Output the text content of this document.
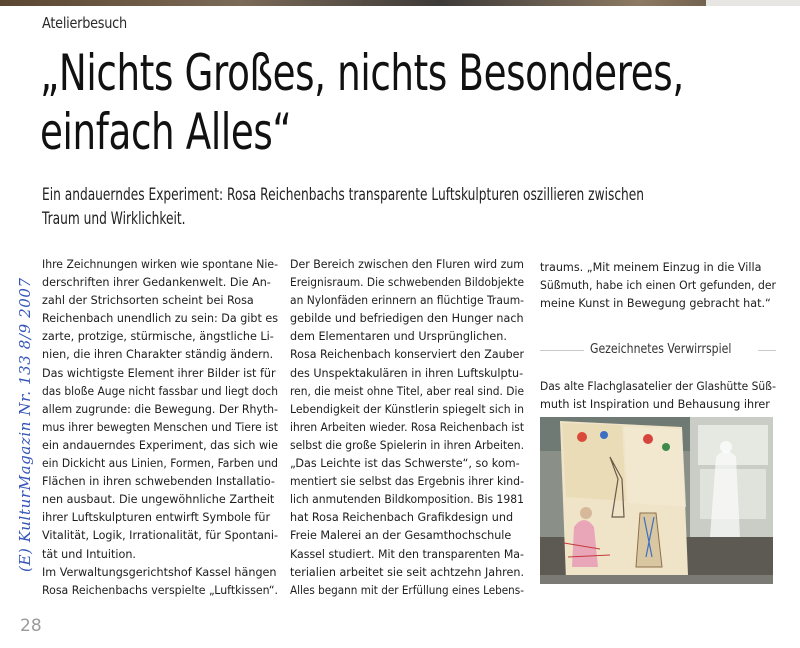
Atelierbesuch
„Nichts Großes, nichts Besonderes,
einfach Alles“

Ein andauerndes Experiment: Rosa Reichenbachs transparente Luftskulpturen oszillieren zwischen
Traum und Wirklichkeit.

(E) KulturMagazin Nr. 133 8/9 2007
Ihre Zeichnungen wirken wie spontane Nie-
derschriften ihrer Gedankenwelt. Die An-
zahl der Strichsorten scheint bei Rosa
Reichenbach unendlich zu sein: Da gibt es
zarte, protzige, stürmische, ängstliche Li-
nien, die ihren Charakter ständig ändern.
Das wichtigste Element ihrer Bilder ist für
das bloße Auge nicht fassbar und liegt doch
allem zugrunde: die Bewegung. Der Rhyth-
mus ihrer bewegten Menschen und Tiere ist
ein andauerndes Experiment, das sich wie
ein Dickicht aus Linien, Formen, Farben und
Flächen in ihren schwebenden Installatio-
nen ausbaut. Die ungewöhnliche Zartheit
ihrer Luftskulpturen entwirft Symbole für
Vitalität, Logik, Irrationalität, für Spontani-
tät und Intuition.
Im Verwaltungsgerichtshof Kassel hängen
Rosa Reichenbachs verspielte „Luftkissen“.
Der Bereich zwischen den Fluren wird zum
Ereignisraum. Die schwebenden Bildobjekte
an Nylonfäden erinnern an flüchtige Traum-
gebilde und befriedigen den Hunger nach
dem Elementaren und Ursprünglichen.
Rosa Reichenbach konserviert den Zauber
des Unspektakulären in ihren Luftskulptu-
ren, die meist ohne Titel, aber real sind. Die
Lebendigkeit der Künstlerin spiegelt sich in
ihren Arbeiten wieder. Rosa Reichenbach ist
selbst die große Spielerin in ihren Arbeiten.
„Das Leichte ist das Schwerste“, so kom-
mentiert sie selbst das Ergebnis ihrer kind-
lich anmutenden Bildkomposition. Bis 1981
hat Rosa Reichenbach Grafikdesign und
Freie Malerei an der Gesamthochschule
Kassel studiert. Mit den transparenten Ma-
terialien arbeitet sie seit achtzehn Jahren.
Alles begann mit der Erfüllung eines Lebens-
traums. „Mit meinem Einzug in die Villa
Süßmuth, habe ich einen Ort gefunden, der
meine Kunst in Bewegung gebracht hat.“
Gezeichnetes Verwirrspiel
Das alte Flachglasatelier der Glashütte Süß-
muth ist Inspiration und Behausung ihrer
28
